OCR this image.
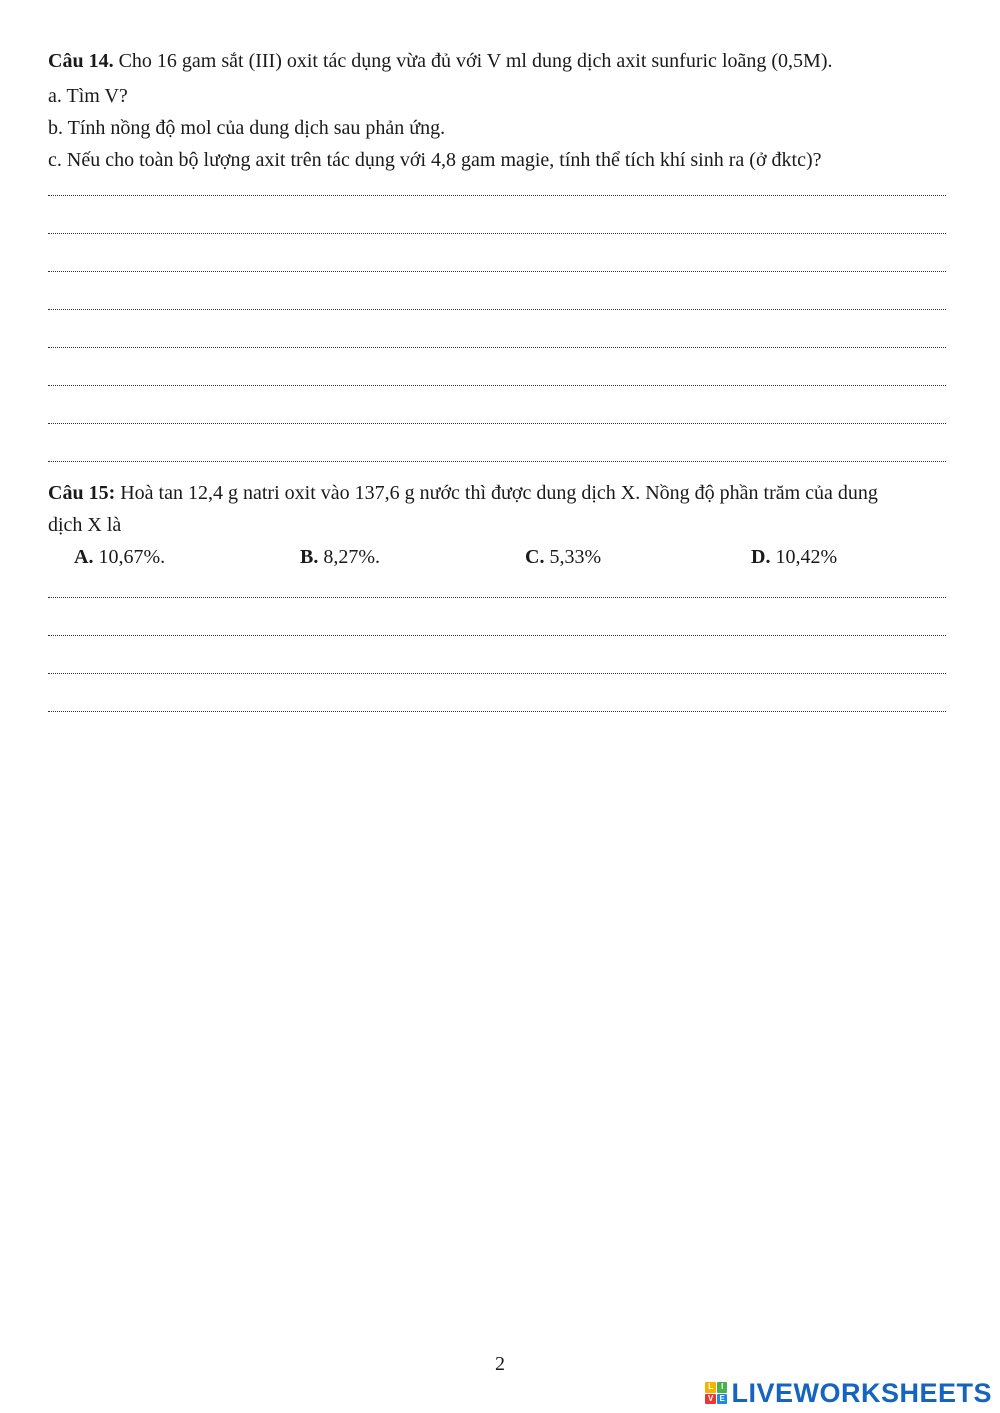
Câu 14. Cho 16 gam sắt (III) oxit tác dụng vừa đủ với V ml dung dịch axit sunfuric loãng (0,5M).
a. Tìm V?
b. Tính nồng độ mol của dung dịch sau phản ứng.
c. Nếu cho toàn bộ lượng axit trên tác dụng với 4,8 gam magie, tính thể tích khí sinh ra (ở đktc)?
Câu 15: Hoà tan 12,4 g natri oxit vào 137,6 g nước thì được dung dịch X. Nồng độ phần trăm của dung
dịch X là
A. 10,67%.	B. 8,27%.	C. 5,33%	D. 10,42%
2
L I
V E LIVEWORKSHEETS
